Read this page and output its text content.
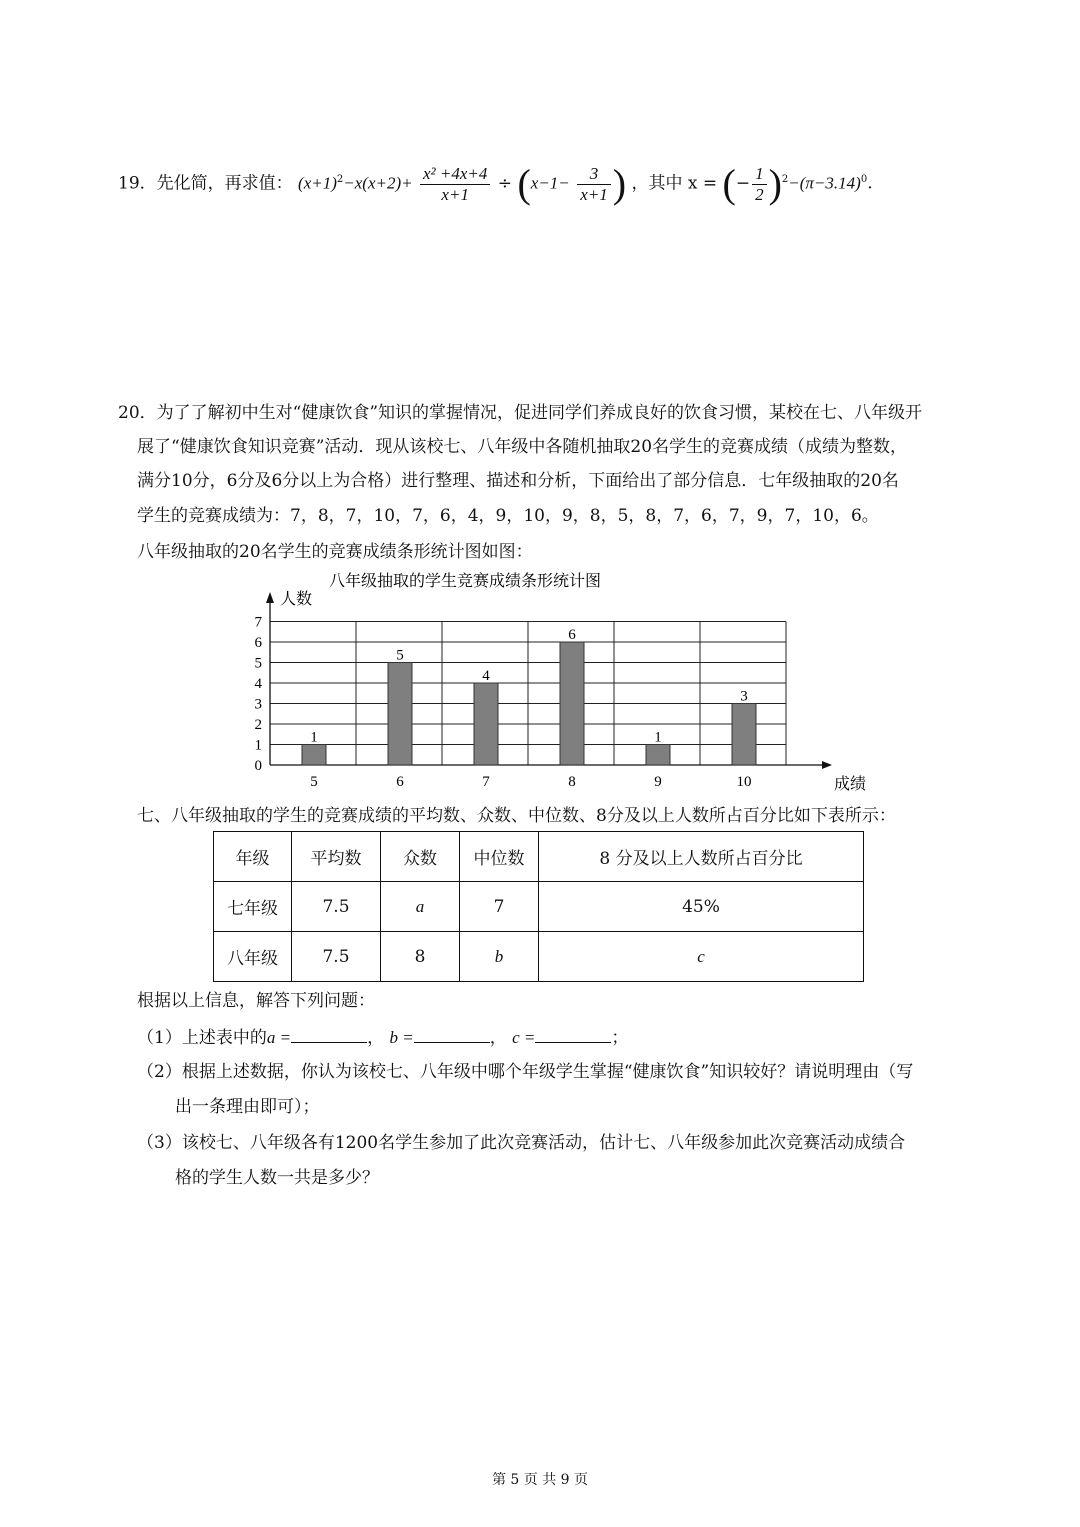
19．先化简，再求值： $(x+1)^2-x(x+2)+ \frac{\text{x² +4x+4}}{x+1} \div (x-1- \frac{3}{x+1}$ ) ，其中 x = (− $\frac{1}{2} )^2-(\pi-3.14)^0$.
20．为了了解初中生对“健康饮食”知识的掌握情况，促进同学们养成良好的饮食习惯，某校在七、八年级开
展了“健康饮食知识竞赛”活动．现从该校七、八年级中各随机抽取20名学生的竞赛成绩（成绩为整数，
满分10分，6分及6分以上为合格）进行整理、描述和分析，下面给出了部分信息．七年级抽取的20名
学生的竞赛成绩为：7，8，7，10，7，6，4，9，10，9，8，5，8，7，6，7，9，7，10，6。
八年级抽取的20名学生的竞赛成绩条形统计图如图：
八年级抽取的学生竞赛成绩条形统计图
人数
成绩
0
1
2
3
4
5
6
7
1
5
5
6
4
7
6
8
1
9
3
10
七、八年级抽取的学生的竞赛成绩的平均数、众数、中位数、8分及以上人数所占百分比如下表所示：
年级	平均数	众数	中位数	8 分及以上人数所占百分比
七年级	7.5	a	7	45%
八年级	7.5	8	b	c
根据以上信息，解答下列问题：
（1）上述表中的a =	， b =	， c =	；
（2）根据上述数据，你认为该校七、八年级中哪个年级学生掌握“健康饮食”知识较好？请说明理由（写
出一条理由即可）；
（3）该校七、八年级各有1200名学生参加了此次竞赛活动，估计七、八年级参加此次竞赛活动成绩合
格的学生人数一共是多少？
第 5 页 共 9 页
